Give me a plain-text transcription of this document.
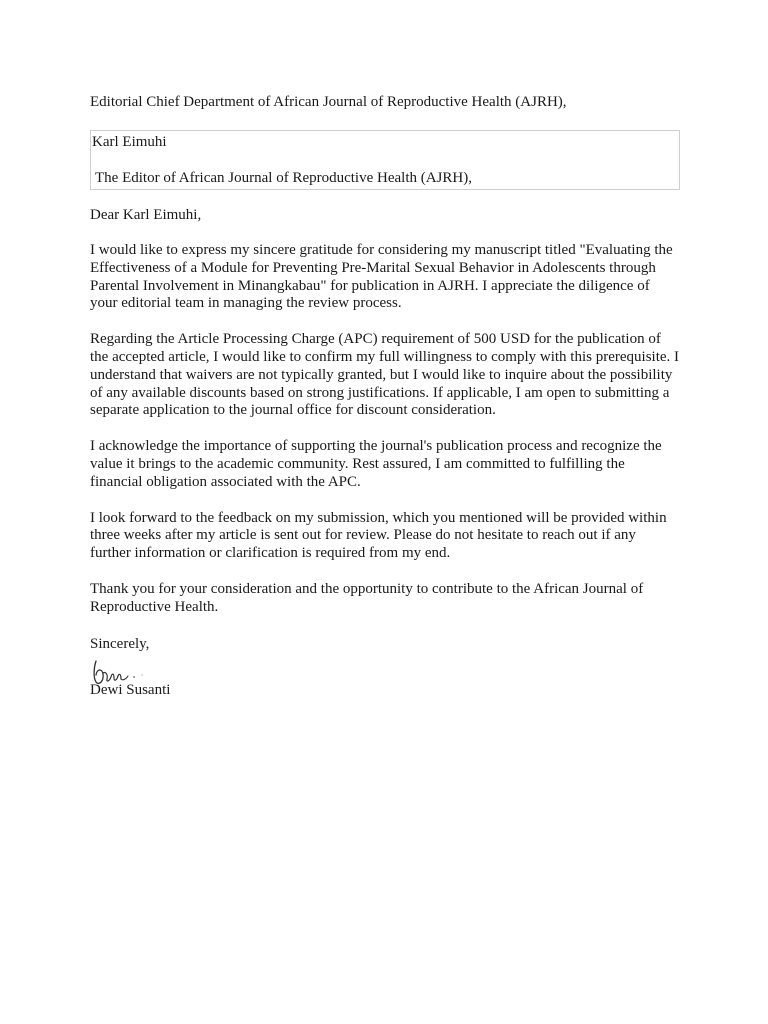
Editorial Chief Department of African Journal of Reproductive Health (AJRH),

Karl Eimuhi

The Editor of African Journal of Reproductive Health (AJRH),

Dear Karl Eimuhi,

I would like to express my sincere gratitude for considering my manuscript titled "Evaluating the Effectiveness of a Module for Preventing Pre-Marital Sexual Behavior in Adolescents through Parental Involvement in Minangkabau" for publication in AJRH. I appreciate the diligence of your editorial team in managing the review process.

Regarding the Article Processing Charge (APC) requirement of 500 USD for the publication of the accepted article, I would like to confirm my full willingness to comply with this prerequisite. I understand that waivers are not typically granted, but I would like to inquire about the possibility of any available discounts based on strong justifications. If applicable, I am open to submitting a separate application to the journal office for discount consideration.

I acknowledge the importance of supporting the journal's publication process and recognize the value it brings to the academic community. Rest assured, I am committed to fulfilling the financial obligation associated with the APC.

I look forward to the feedback on my submission, which you mentioned will be provided within three weeks after my article is sent out for review. Please do not hesitate to reach out if any further information or clarification is required from my end.

Thank you for your consideration and the opportunity to contribute to the African Journal of Reproductive Health.

Sincerely,

Dewi Susanti
